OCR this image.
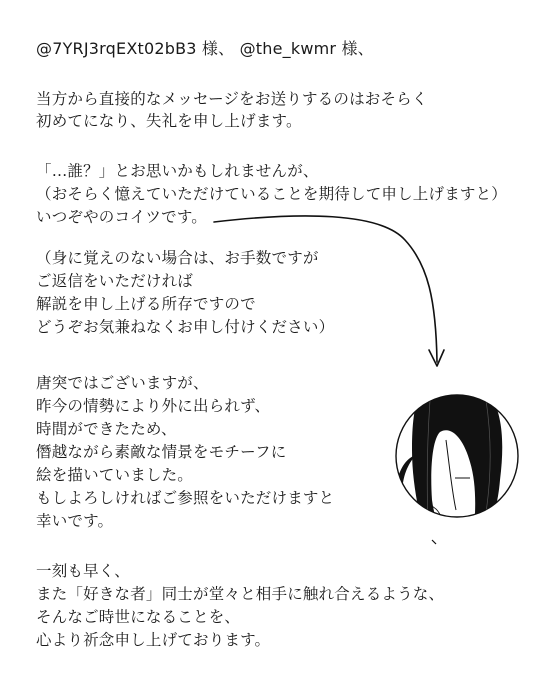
@7YRJ3rqEXt02bB3 様、 @the_kwmr 様、
当方から直接的なメッセージをお送りするのはおそらく
初めてになり、失礼を申し上げます。
「…誰？」とお思いかもしれませんが、
（おそらく憶えていただけていることを期待して申し上げますと）
いつぞやのコイツです。
（身に覚えのない場合は、お手数ですが
ご返信をいただければ
解説を申し上げる所存ですので
どうぞお気兼ねなくお申し付けください）
唐突ではございますが、
昨今の情勢により外に出られず、
時間ができたため、
僭越ながら素敵な情景をモチーフに
絵を描いていました。
もしよろしければご参照をいただけますと
幸いです。
一刻も早く、
また「好きな者」同士が堂々と相手に触れ合えるような、
そんなご時世になることを、
心より祈念申し上げております。
